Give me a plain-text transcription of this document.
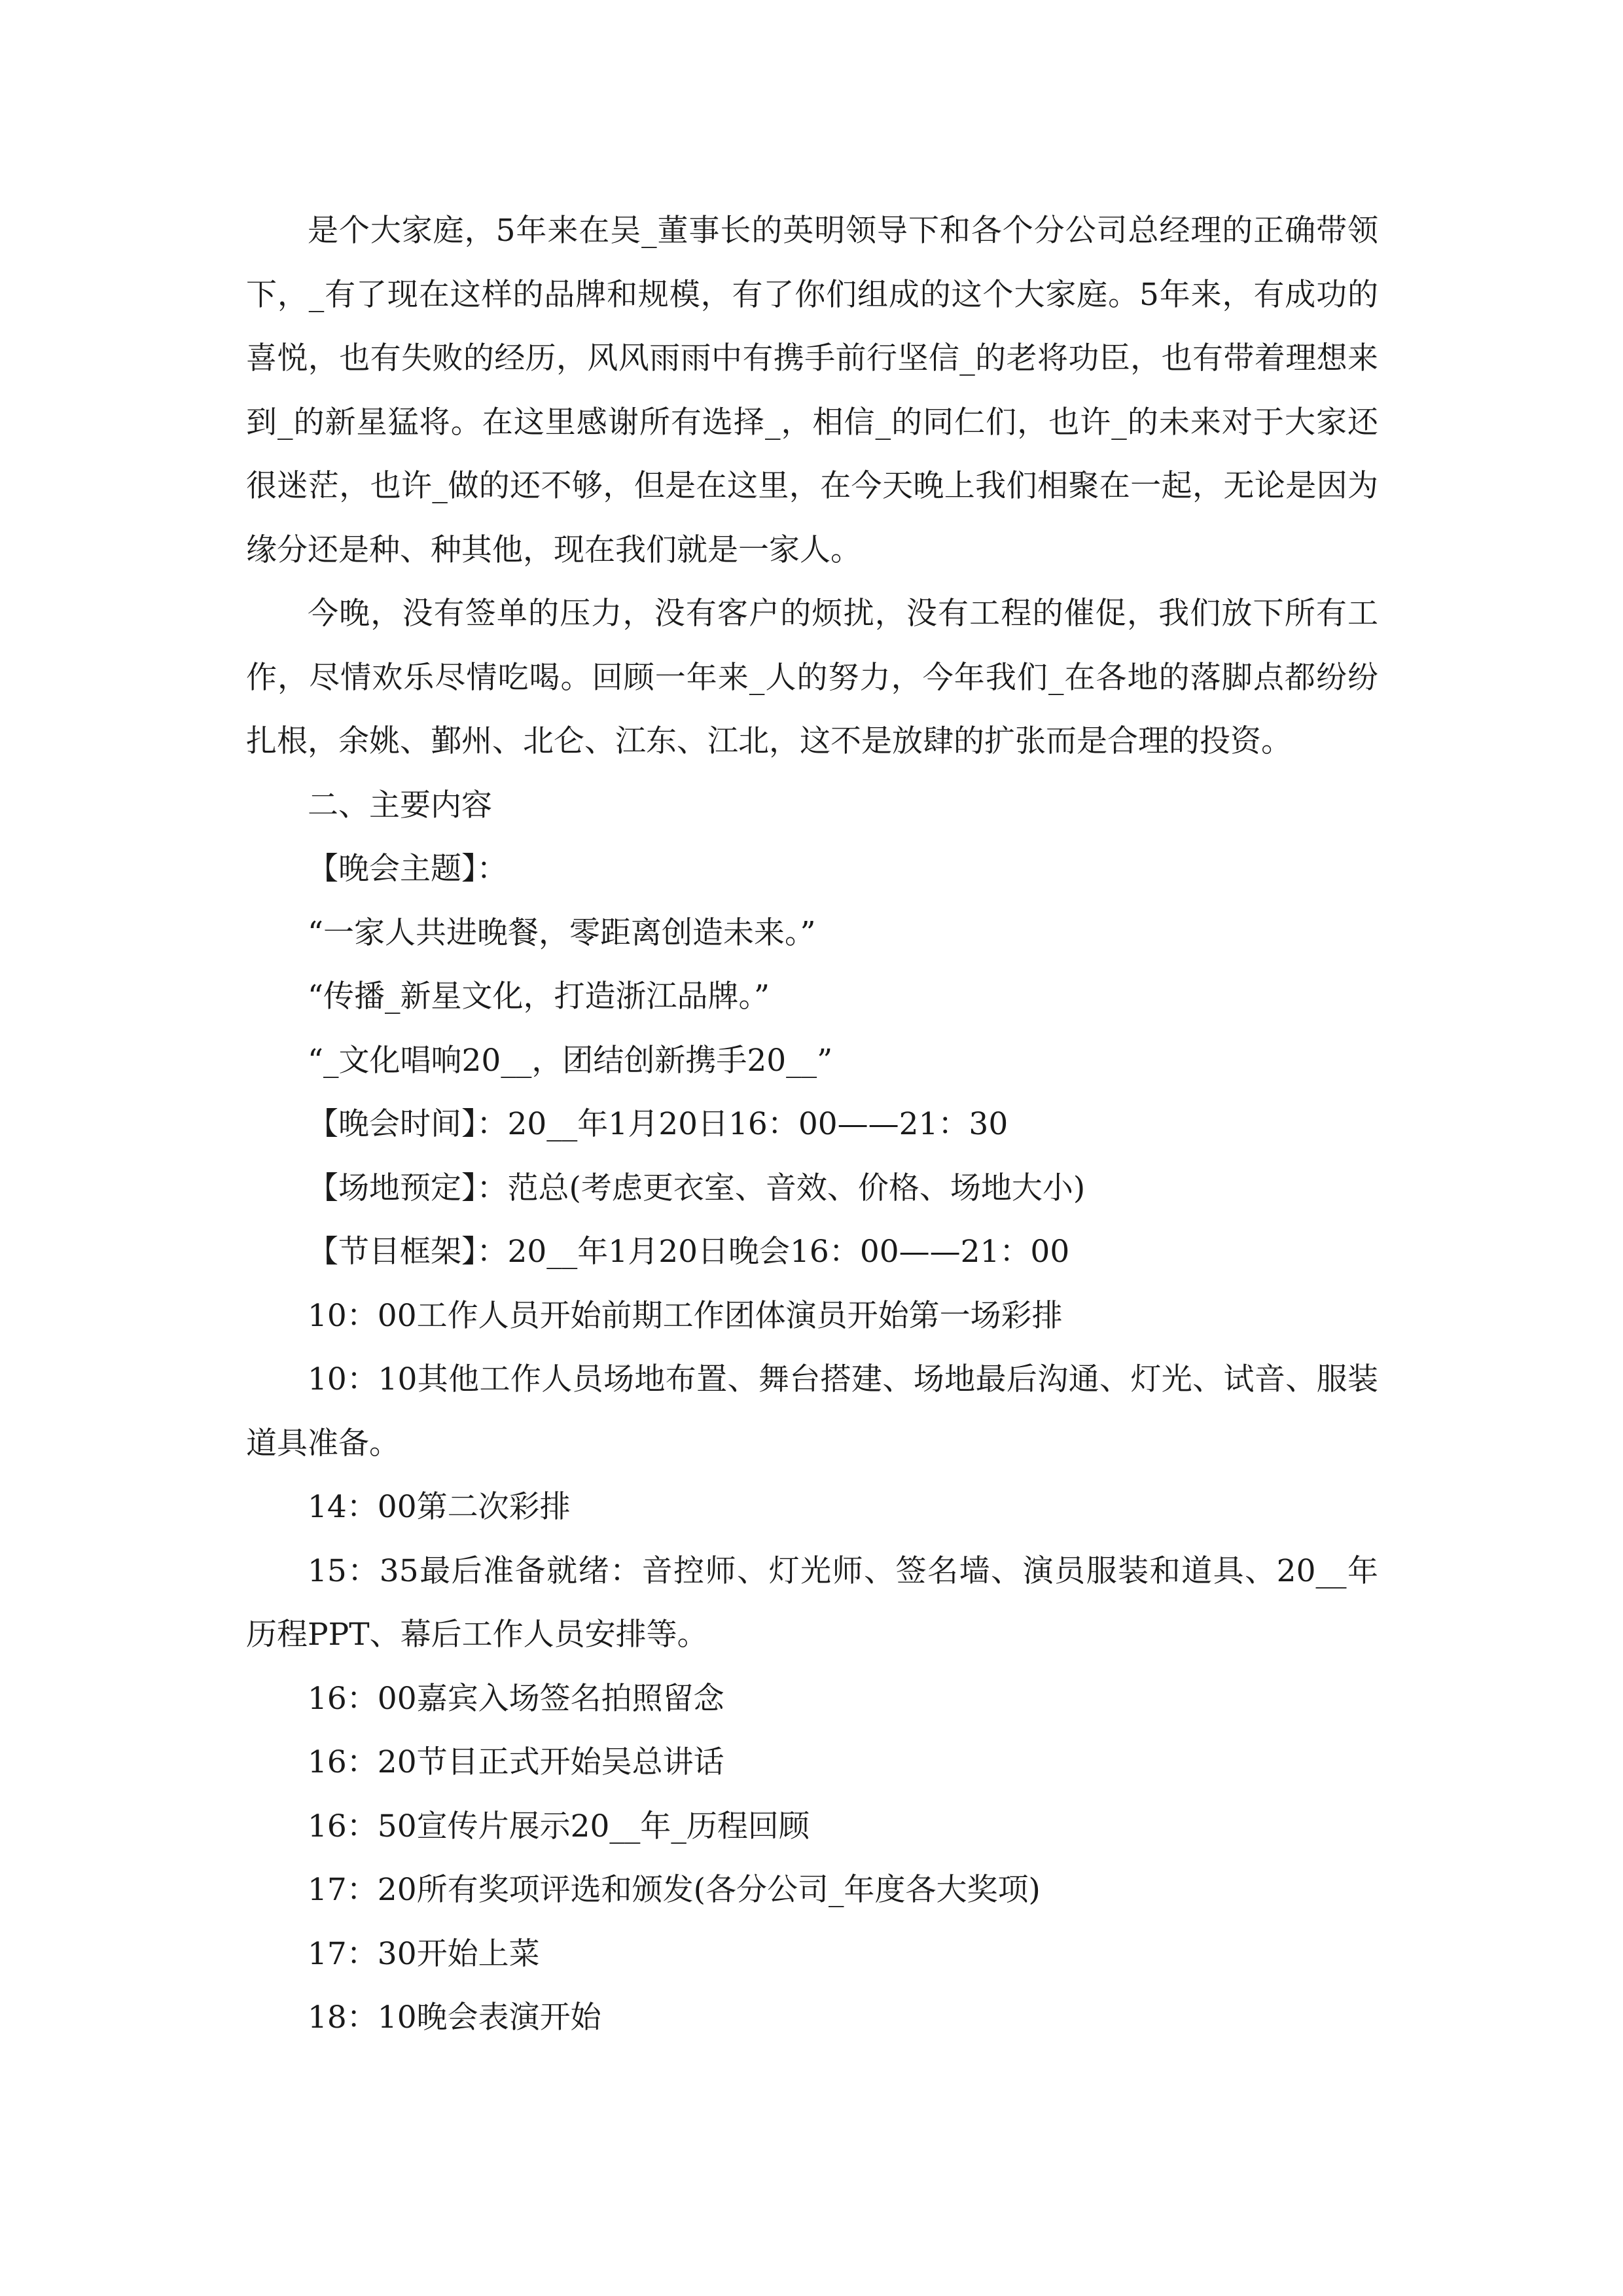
是个大家庭，5年来在吴_董事长的英明领导下和各个分公司总经理的正确带领下，_有了现在这样的品牌和规模，有了你们组成的这个大家庭。5年来，有成功的喜悦，也有失败的经历，风风雨雨中有携手前行坚信_的老将功臣，也有带着理想来到_的新星猛将。在这里感谢所有选择_，相信_的同仁们，也许_的未来对于大家还很迷茫，也许_做的还不够，但是在这里，在今天晚上我们相聚在一起，无论是因为缘分还是种、种其他，现在我们就是一家人。

今晚，没有签单的压力，没有客户的烦扰，没有工程的催促，我们放下所有工作，尽情欢乐尽情吃喝。回顾一年来_人的努力，今年我们_在各地的落脚点都纷纷扎根，余姚、鄞州、北仑、江东、江北，这不是放肆的扩张而是合理的投资。

二、主要内容

【晚会主题】：

“一家人共进晚餐，零距离创造未来。”

“传播_新星文化，打造浙江品牌。”

“_文化唱响20__，团结创新携手20__”

【晚会时间】：20__年1月20日16：00——21：30

【场地预定】：范总(考虑更衣室、音效、价格、场地大小)

【节目框架】：20__年1月20日晚会16：00——21：00

10：00工作人员开始前期工作团体演员开始第一场彩排

10：10其他工作人员场地布置、舞台搭建、场地最后沟通、灯光、试音、服装道具准备。

14：00第二次彩排

15：35最后准备就绪：音控师、灯光师、签名墙、演员服装和道具、20__年历程PPT、幕后工作人员安排等。

16：00嘉宾入场签名拍照留念

16：20节目正式开始吴总讲话

16：50宣传片展示20__年_历程回顾

17：20所有奖项评选和颁发(各分公司_年度各大奖项)

17：30开始上菜

18：10晚会表演开始
